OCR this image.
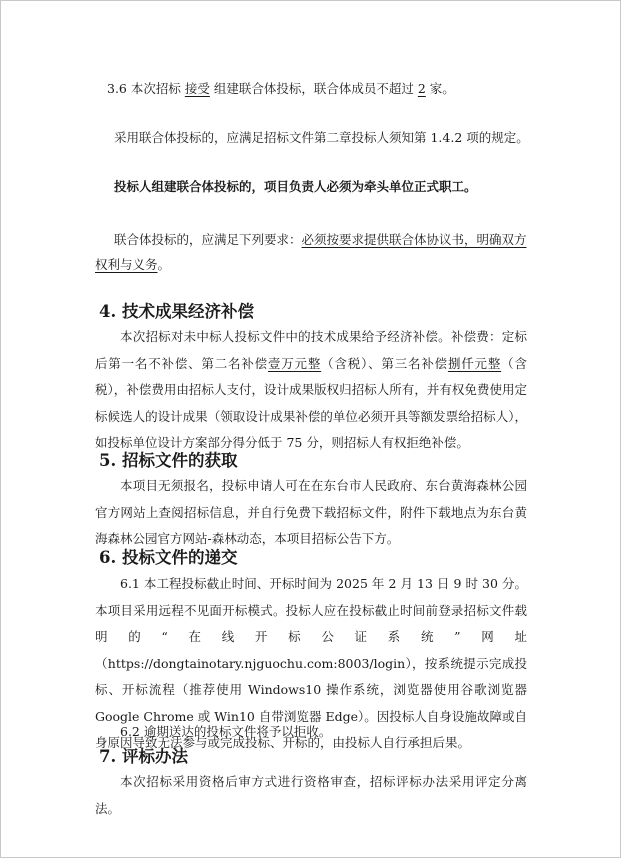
3.6 本次招标 接受 组建联合体投标，联合体成员不超过 2 家。
采用联合体投标的，应满足招标文件第二章投标人须知第 1.4.2 项的规定。
投标人组建联合体投标的，项目负责人必须为牵头单位正式职工。
联合体投标的，应满足下列要求：必须按要求提供联合体协议书，明确双方
权利与义务。
4. 技术成果经济补偿
本次招标对未中标人投标文件中的技术成果给予经济补偿。补偿费：定标后第一名不补偿、第二名补偿壹万元整（含税）、第三名补偿捌仟元整（含税），补偿费用由招标人支付，设计成果版权归招标人所有，并有权免费使用定标候选人的设计成果（领取设计成果补偿的单位必须开具等额发票给招标人），如投标单位设计方案部分得分低于 75 分，则招标人有权拒绝补偿。
5. 招标文件的获取
本项目无须报名，投标申请人可在在东台市人民政府、东台黄海森林公园官方网站上查阅招标信息，并自行免费下载招标文件，附件下载地点为东台黄海森林公园官方网站-森林动态，本项目招标公告下方。
6. 投标文件的递交
6.1 本工程投标截止时间、开标时间为 2025 年 2 月 13 日 9 时 30 分。本项目采用远程不见面开标模式。投标人应在投标截止时间前登录招标文件载明的“在线开标公证系统”网址（https://dongtainotary.njguochu.com:8003/login），按系统提示完成投标、开标流程（推荐使用 Windows10 操作系统，浏览器使用谷歌浏览器 Google Chrome 或 Win10 自带浏览器 Edge）。因投标人自身设施故障或自身原因导致无法参与或完成投标、开标的，由投标人自行承担后果。
6.2 逾期送达的投标文件将予以拒收。
7. 评标办法
本次招标采用资格后审方式进行资格审查，招标评标办法采用评定分离法。
